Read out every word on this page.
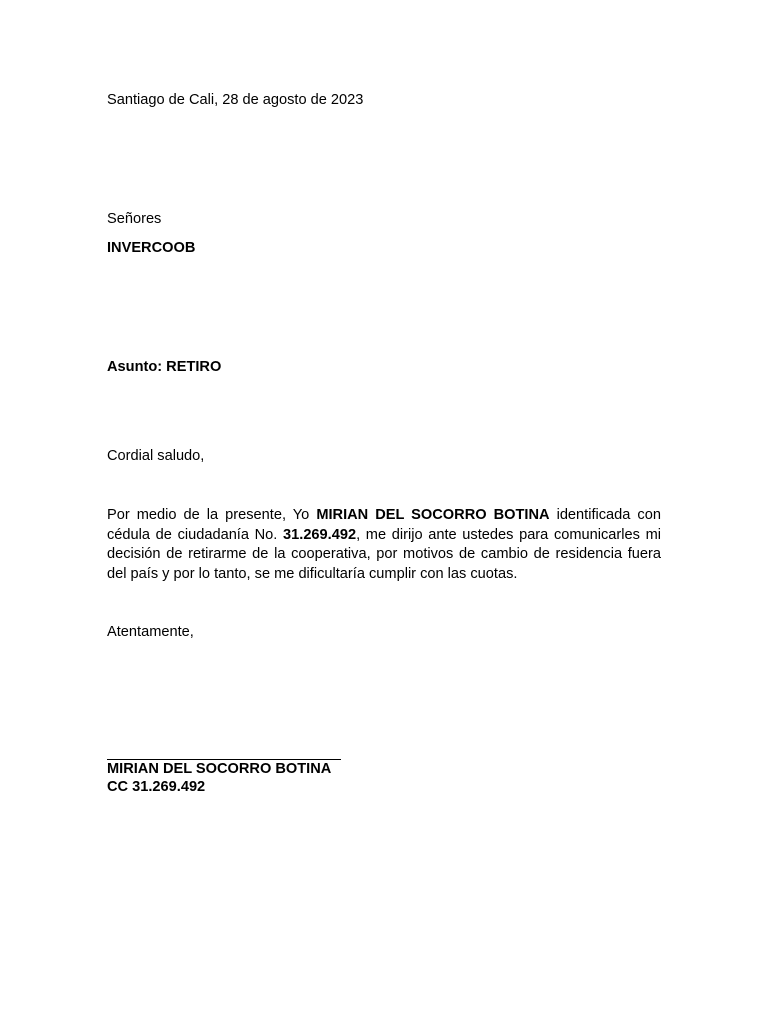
Santiago de Cali, 28 de agosto de 2023
Señores
INVERCOOB
Asunto: RETIRO
Cordial saludo,
Por medio de la presente, Yo MIRIAN DEL SOCORRO BOTINA identificada con cédula de ciudadanía No. 31.269.492, me dirijo ante ustedes para comunicarles mi decisión de retirarme de la cooperativa, por motivos de cambio de residencia fuera del país y por lo tanto, se me dificultaría cumplir con las cuotas.
Atentamente,
MIRIAN DEL SOCORRO BOTINA
CC 31.269.492
